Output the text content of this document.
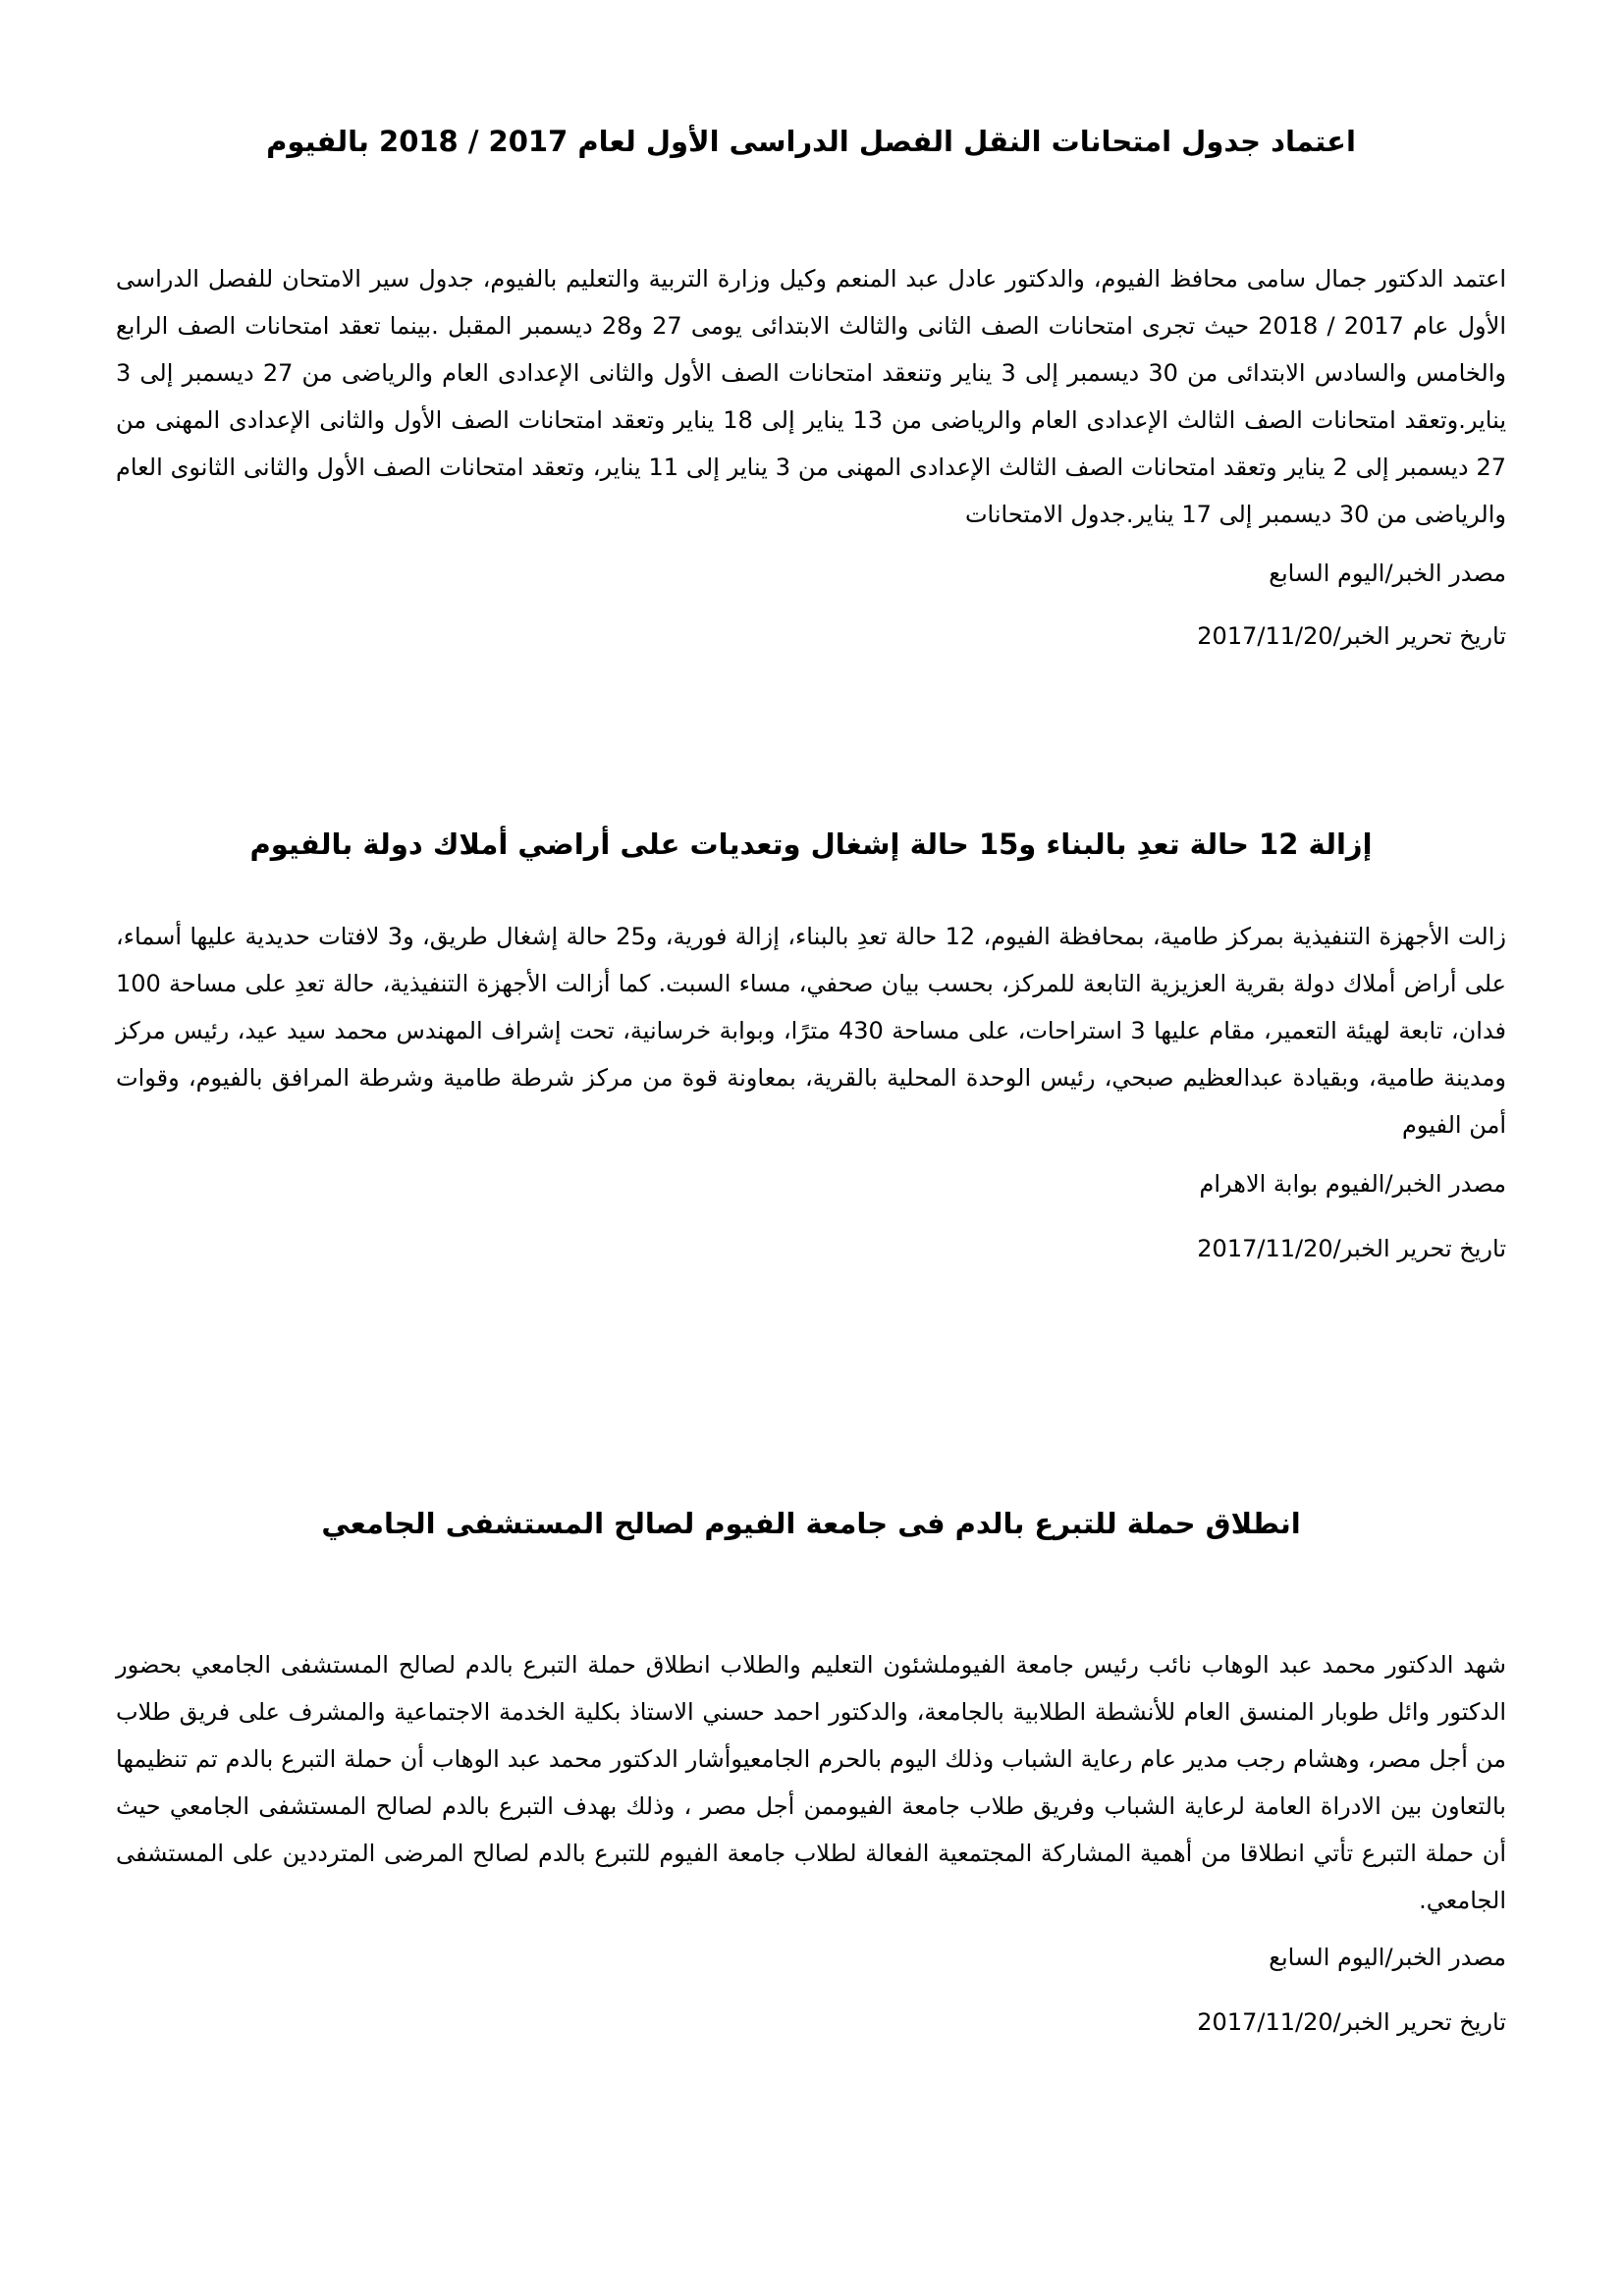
اعتماد جدول امتحانات النقل الفصل الدراسى الأول لعام 2017 / 2018 بالفيوم

اعتمد الدكتور جمال سامى محافظ الفيوم، والدكتور عادل عبد المنعم وكيل وزارة التربية والتعليم بالفيوم، جدول سير الامتحان للفصل الدراسى الأول عام 2017 / 2018 حيث تجرى امتحانات الصف الثانى والثالث الابتدائى يومى 27 و28 ديسمبر المقبل .بينما تعقد امتحانات الصف الرابع والخامس والسادس الابتدائى من 30 ديسمبر إلى 3 يناير وتنعقد امتحانات الصف الأول والثانى الإعدادى العام والرياضى من 27 ديسمبر إلى 3 يناير.وتعقد امتحانات الصف الثالث الإعدادى العام والرياضى من 13 يناير إلى 18 يناير وتعقد امتحانات الصف الأول والثانى الإعدادى المهنى من 27 ديسمبر إلى 2 يناير وتعقد امتحانات الصف الثالث الإعدادى المهنى من 3 يناير إلى 11 يناير، وتعقد امتحانات الصف الأول والثانى الثانوى العام والرياضى من 30 ديسمبر إلى 17 يناير.جدول الامتحانات

مصدر الخبر/اليوم السابع

تاريخ تحرير الخبر/2017/11/20

إزالة 12 حالة تعدِ بالبناء و15 حالة إشغال وتعديات على أراضي أملاك دولة بالفيوم

زالت الأجهزة التنفيذية بمركز طامية، بمحافظة الفيوم، 12 حالة تعدِ بالبناء، إزالة فورية، و25 حالة إشغال طريق، و3 لافتات حديدية عليها أسماء، على أراض أملاك دولة بقرية العزيزية التابعة للمركز، بحسب بيان صحفي، مساء السبت. كما أزالت الأجهزة التنفيذية، حالة تعدِ على مساحة 100 فدان، تابعة لهيئة التعمير، مقام عليها 3 استراحات، على مساحة 430 مترًا، وبوابة خرسانية، تحت إشراف المهندس محمد سيد عيد، رئيس مركز ومدينة طامية، وبقيادة عبدالعظيم صبحي، رئيس الوحدة المحلية بالقرية، بمعاونة قوة من مركز شرطة طامية وشرطة المرافق بالفيوم، وقوات أمن الفيوم

مصدر الخبر/الفيوم بوابة الاهرام

تاريخ تحرير الخبر/2017/11/20

انطلاق حملة للتبرع بالدم فى جامعة الفيوم لصالح المستشفى الجامعي

شهد الدكتور محمد عبد الوهاب نائب رئيس جامعة الفيوملشئون التعليم والطلاب انطلاق حملة التبرع بالدم لصالح المستشفى الجامعي بحضور الدكتور وائل طوبار المنسق العام للأنشطة الطلابية بالجامعة، والدكتور احمد حسني الاستاذ بكلية الخدمة الاجتماعية والمشرف على فريق طلاب من أجل مصر، وهشام رجب مدير عام رعاية الشباب وذلك اليوم بالحرم الجامعيوأشار الدكتور محمد عبد الوهاب أن حملة التبرع بالدم تم تنظيمها بالتعاون بين الادراة العامة لرعاية الشباب وفريق طلاب جامعة الفيوممن أجل مصر ، وذلك بهدف التبرع بالدم لصالح المستشفى الجامعي حيث أن حملة التبرع تأتي انطلاقا من أهمية المشاركة المجتمعية الفعالة لطلاب جامعة الفيوم للتبرع بالدم لصالح المرضى المترددين على المستشفى الجامعي.

مصدر الخبر/اليوم السابع

تاريخ تحرير الخبر/2017/11/20
